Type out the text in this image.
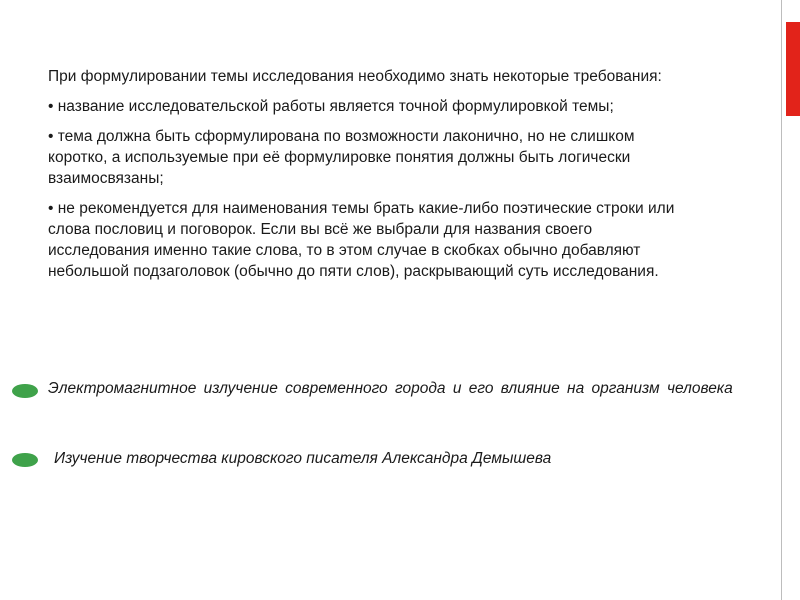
При формулировании темы исследования необходимо знать некоторые требования:

• название исследовательской работы является точной формулировкой темы;

• тема должна быть сформулирована по возможности лаконично, но не слишком коротко, а используемые при её формулировке понятия должны быть логически взаимосвязаны;

• не рекомендуется для наименования темы брать какие-либо поэтические строки или слова пословиц и поговорок. Если вы всё же выбрали для названия своего исследования именно такие слова, то в этом случае в скобках обычно добавляют небольшой подзаголовок (обычно до пяти слов), раскрывающий суть исследования.

Электромагнитное излучение современного города и его влияние на организм человека
Изучение творчества кировского писателя Александра Демышева
